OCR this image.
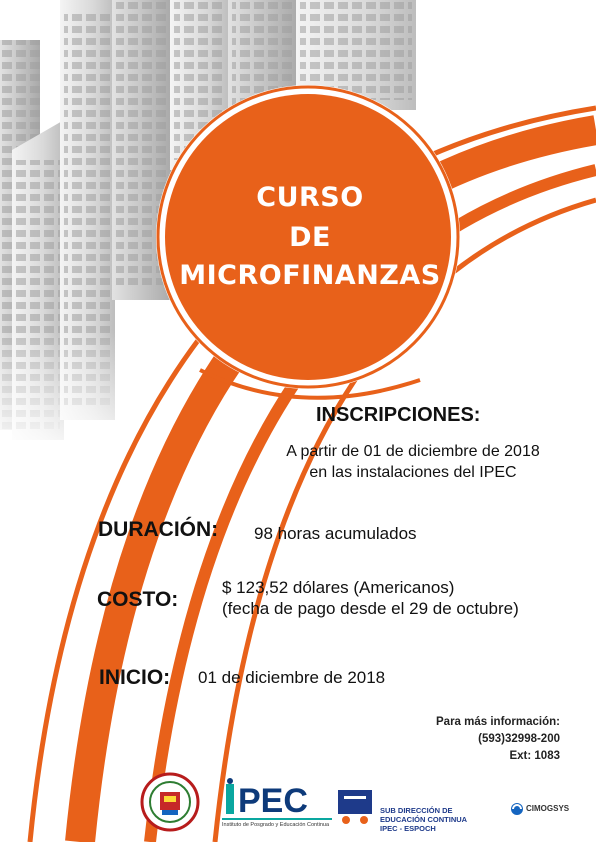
CURSO
DE
MICROFINANZAS
INSCRIPCIONES:
A partir de 01 de diciembre de 2018
en las instalaciones del IPEC
DURACIÓN: 98 horas acumulados
COSTO:
$ 123,52 dólares (Americanos)
(fecha de pago desde el 29 de octubre)
INICIO: 01 de diciembre de 2018
Para más información:
(593)32998-200
Ext: 1083
PEC
Instituto de Posgrado y Educación Continua
SUB DIRECCIÓN DE
EDUCACIÓN CONTINUA
IPEC - ESPOCH
CIMOGSYS
